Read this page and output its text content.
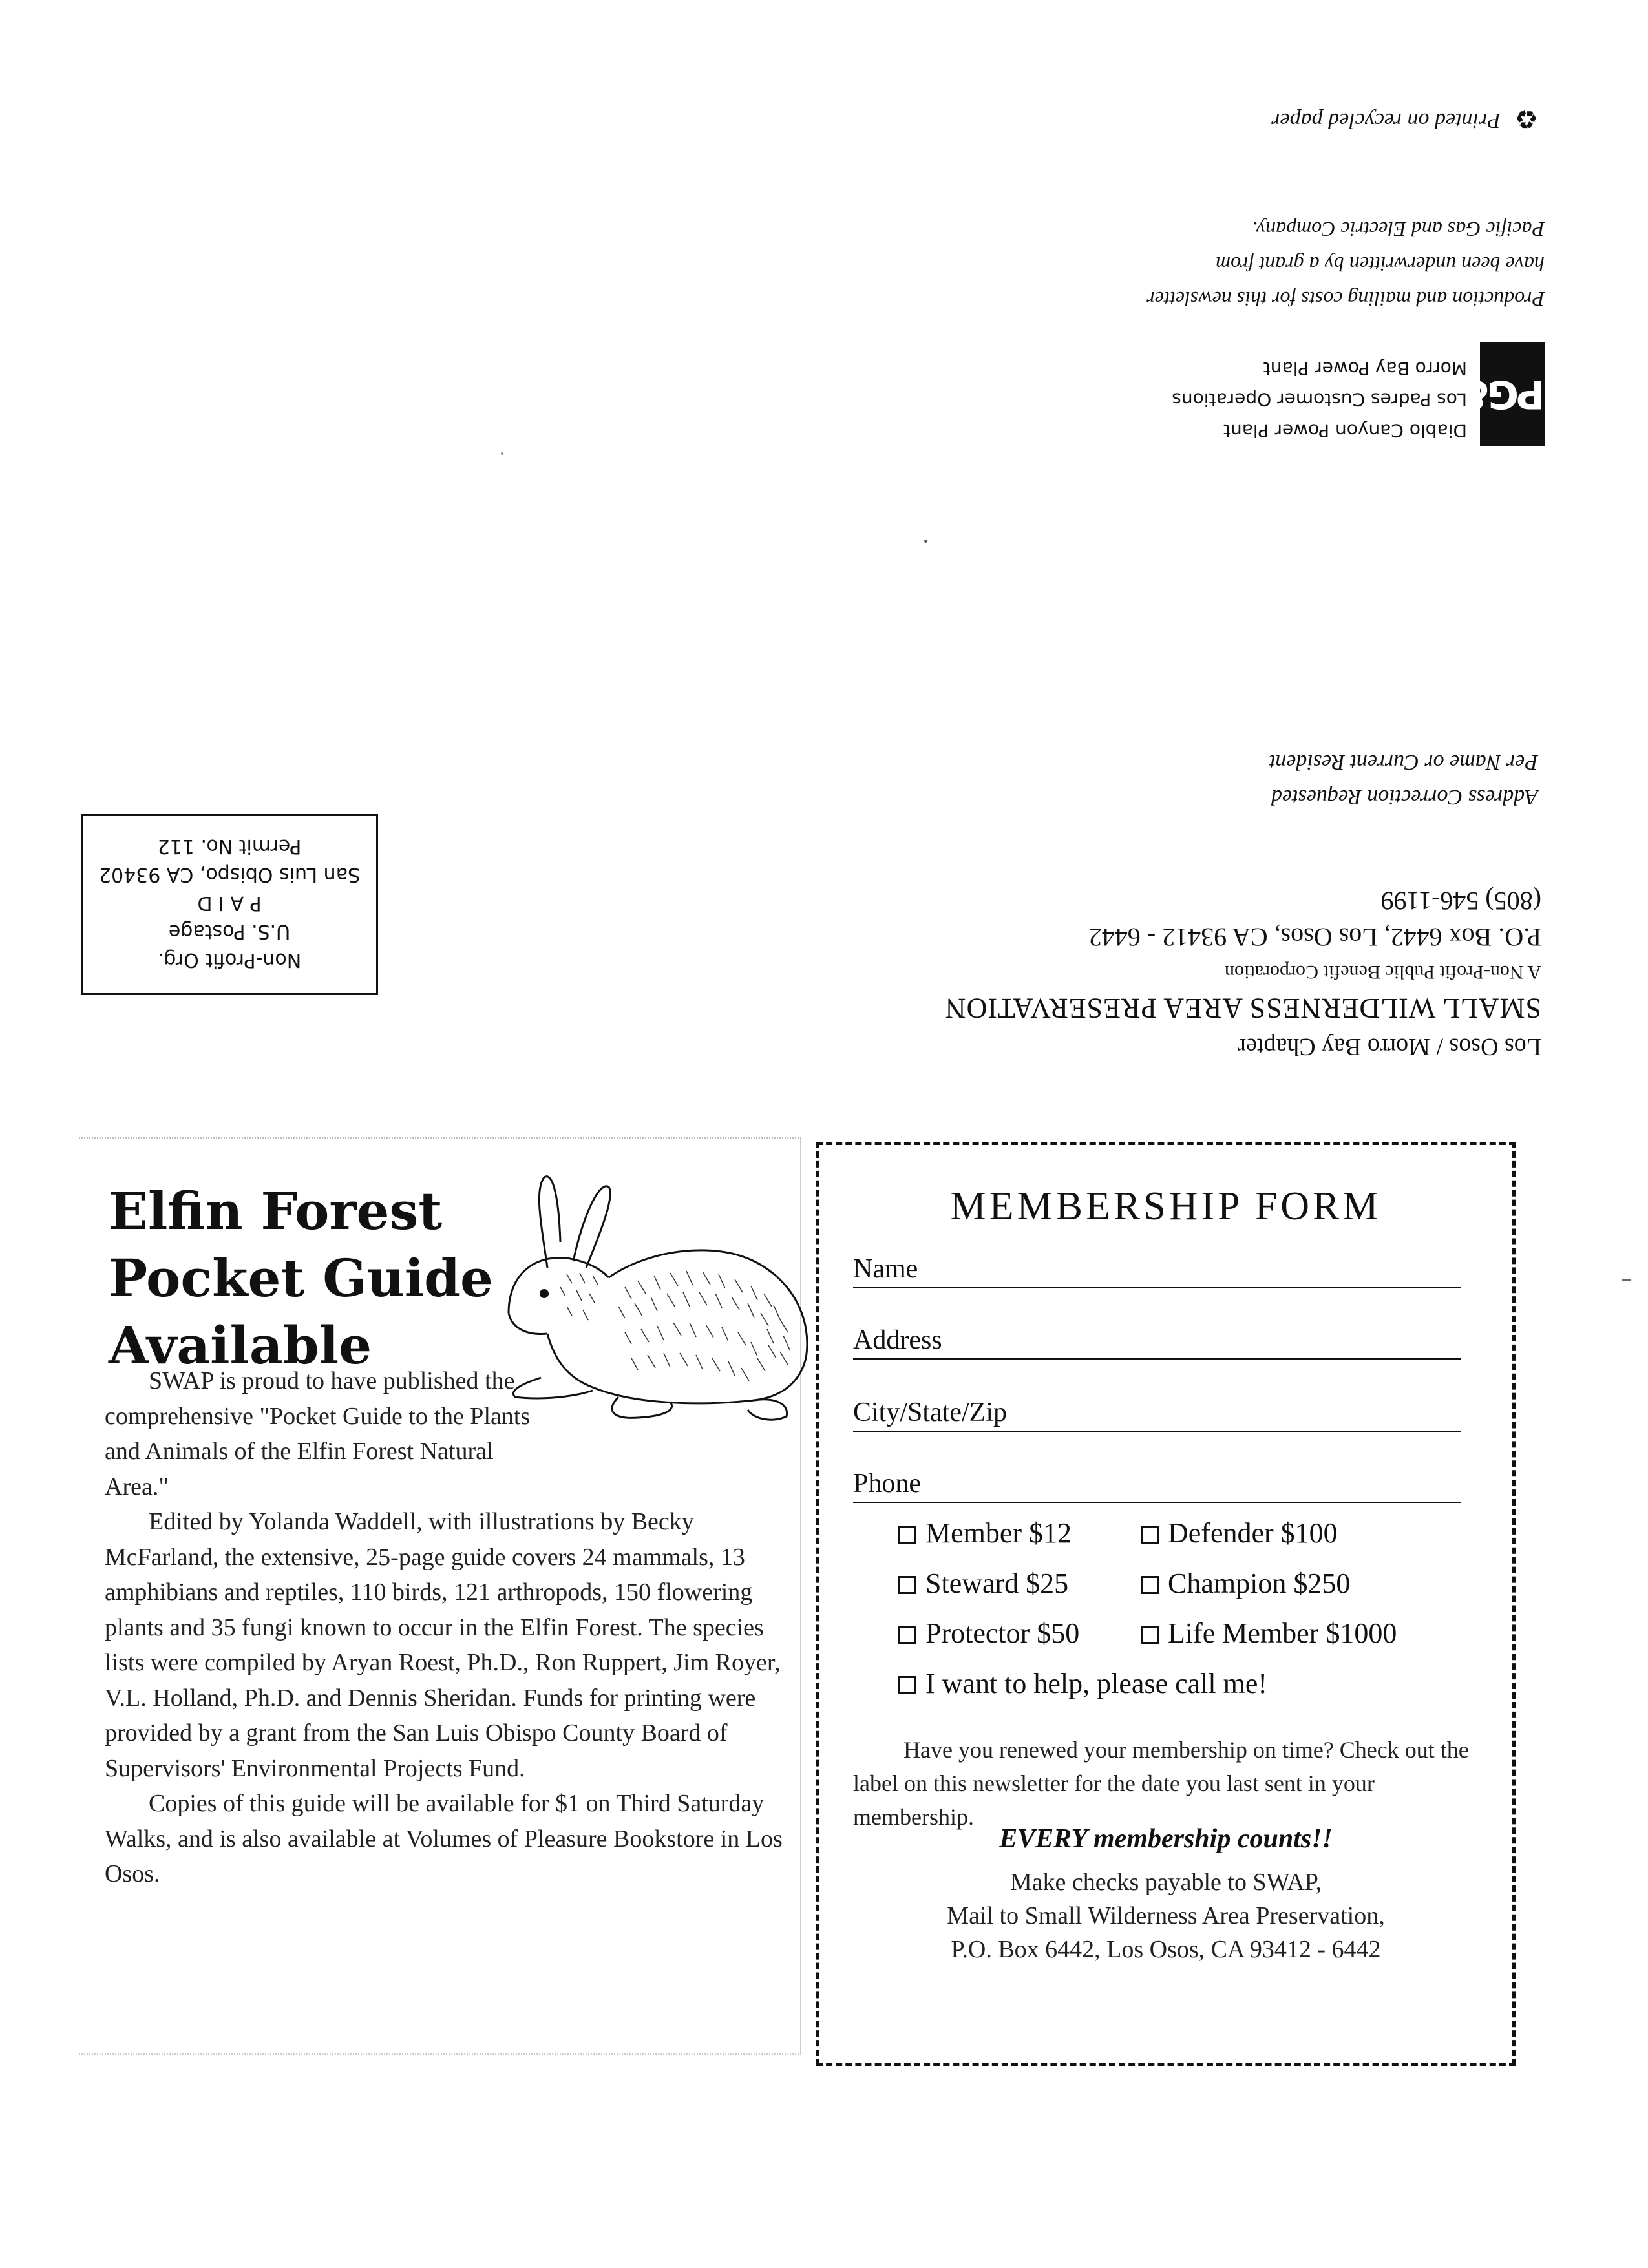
♻
Printed on recycled paper
PG&E
Diablo Canyon Power Plant
Los Padres Customer Operations
Morro Bay Power Plant
Production and mailing costs for this newsletter
have been underwritten by a grant from
Pacific Gas and Electric Company.
Address Correction Requested
Per Name or Current Resident
Los Osos / Morro Bay Chapter
SMALL WILDERNESS AREA PRESERVATION
A Non-Profit Public Benefit Corporation
P.O. Box 6442, Los Osos, CA 93412 - 6442
(805) 546-1199
Non-Profit Org.
U.S. Postage
P A I D
San Luis Obispo, CA 93402
Permit No. 112
Elfin Forest
Pocket Guide
Available

SWAP is proud to have published the comprehensive "Pocket Guide to the Plants and Animals of the Elfin Forest Natural Area."

Edited by Yolanda Waddell, with illustrations by Becky McFarland, the extensive, 25-page guide covers 24 mammals, 13 amphibians and reptiles, 110 birds, 121 arthropods, 150 flowering plants and 35 fungi known to occur in the Elfin Forest. The species lists were compiled by Aryan Roest, Ph.D., Ron Ruppert, Jim Royer, V.L. Holland, Ph.D. and Dennis Sheridan. Funds for printing were provided by a grant from the San Luis Obispo County Board of Supervisors' Environmental Projects Fund.

Copies of this guide will be available for $1 on Third Saturday Walks, and is also available at Volumes of Pleasure Bookstore in Los Osos.

MEMBERSHIP FORM
Name
Address
City/State/Zip
Phone
Member $12	Defender $100
Steward $25	Champion $250
Protector $50	Life Member $1000
I want to help, please call me!
Have you renewed your membership on time? Check out the label on this newsletter for the date you last sent in your membership.
EVERY membership counts!!
Make checks payable to SWAP,
Mail to Small Wilderness Area Preservation,
P.O. Box 6442, Los Osos, CA 93412 - 6442
